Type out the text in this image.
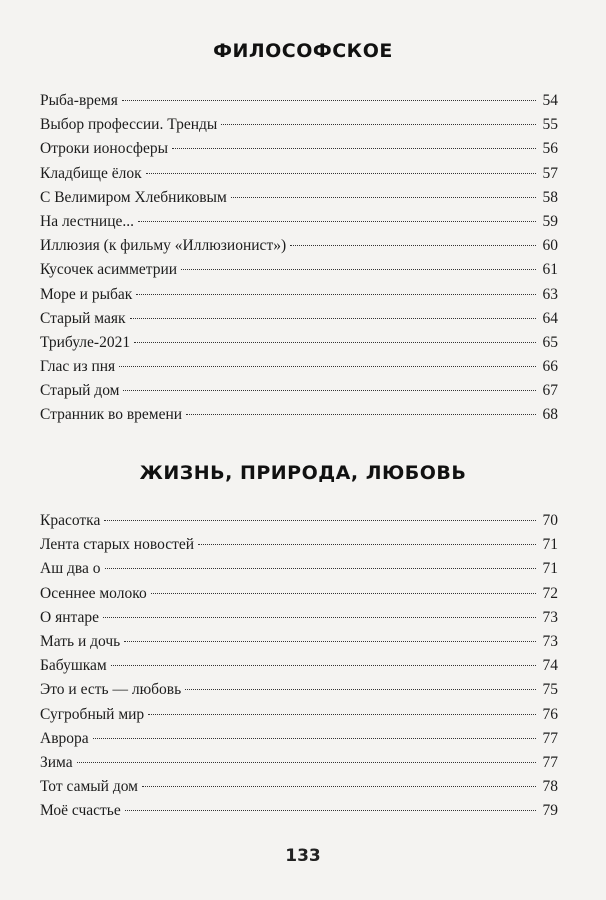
ФИЛОСОФСКОЕ
Рыба-время	54
Выбор профессии. Тренды	55
Отроки ионосферы	56
Кладбище ёлок	57
С Велимиром Хлебниковым	58
На лестнице...	59
Иллюзия (к фильму «Иллюзионист»)	60
Кусочек асимметрии	61
Море и рыбак	63
Старый маяк	64
Трибуле-2021	65
Глас из пня	66
Старый дом	67
Странник во времени	68
ЖИЗНЬ, ПРИРОДА, ЛЮБОВЬ
Красотка	70
Лента старых новостей	71
Аш два о	71
Осеннее молоко	72
О янтаре	73
Мать и дочь	73
Бабушкам	74
Это и есть — любовь	75
Сугробный мир	76
Аврора	77
Зима	77
Тот самый дом	78
Моё счастье	79
133
